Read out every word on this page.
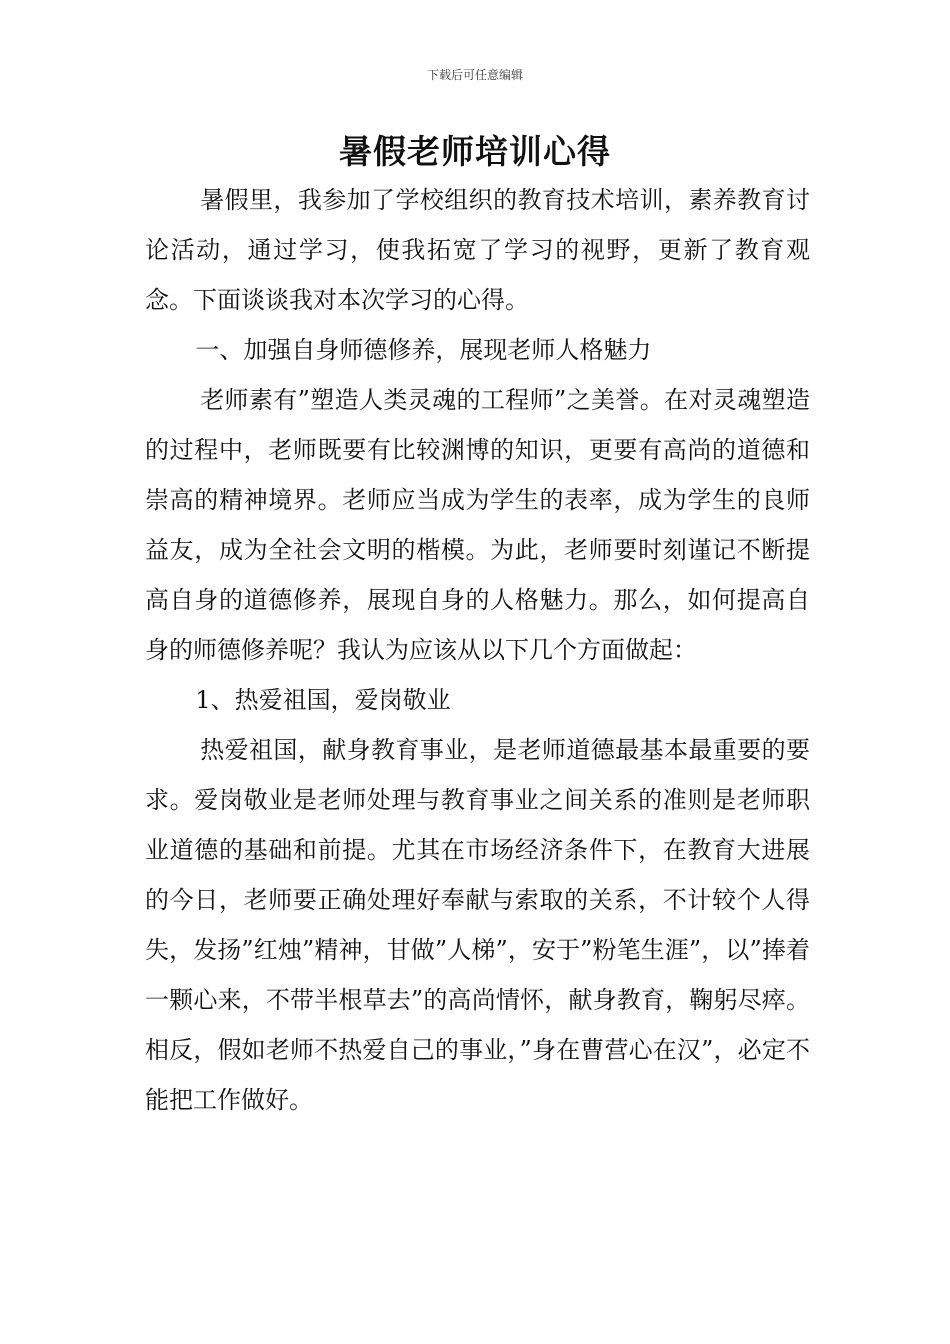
下载后可任意编辑
暑假老师培训心得

暑假里，我参加了学校组织的教育技术培训，素养教育讨论活动，通过学习，使我拓宽了学习的视野，更新了教育观念。下面谈谈我对本次学习的心得。

一、加强自身师德修养，展现老师人格魅力

老师素有”塑造人类灵魂的工程师”之美誉。在对灵魂塑造的过程中，老师既要有比较渊博的知识，更要有高尚的道德和崇高的精神境界。老师应当成为学生的表率，成为学生的良师益友，成为全社会文明的楷模。为此，老师要时刻谨记不断提高自身的道德修养，展现自身的人格魅力。那么，如何提高自身的师德修养呢？我认为应该从以下几个方面做起：

1、热爱祖国，爱岗敬业

热爱祖国，献身教育事业，是老师道德最基本最重要的要求。爱岗敬业是老师处理与教育事业之间关系的准则是老师职业道德的基础和前提。尤其在市场经济条件下，在教育大进展的今日，老师要正确处理好奉献与索取的关系，不计较个人得失，发扬”红烛”精神，甘做”人梯”，安于”粉笔生涯”，以”捧着一颗心来，不带半根草去”的高尚情怀，献身教育，鞠躬尽瘁。相反，假如老师不热爱自己的事业，”身在曹营心在汉”，必定不能把工作做好。
